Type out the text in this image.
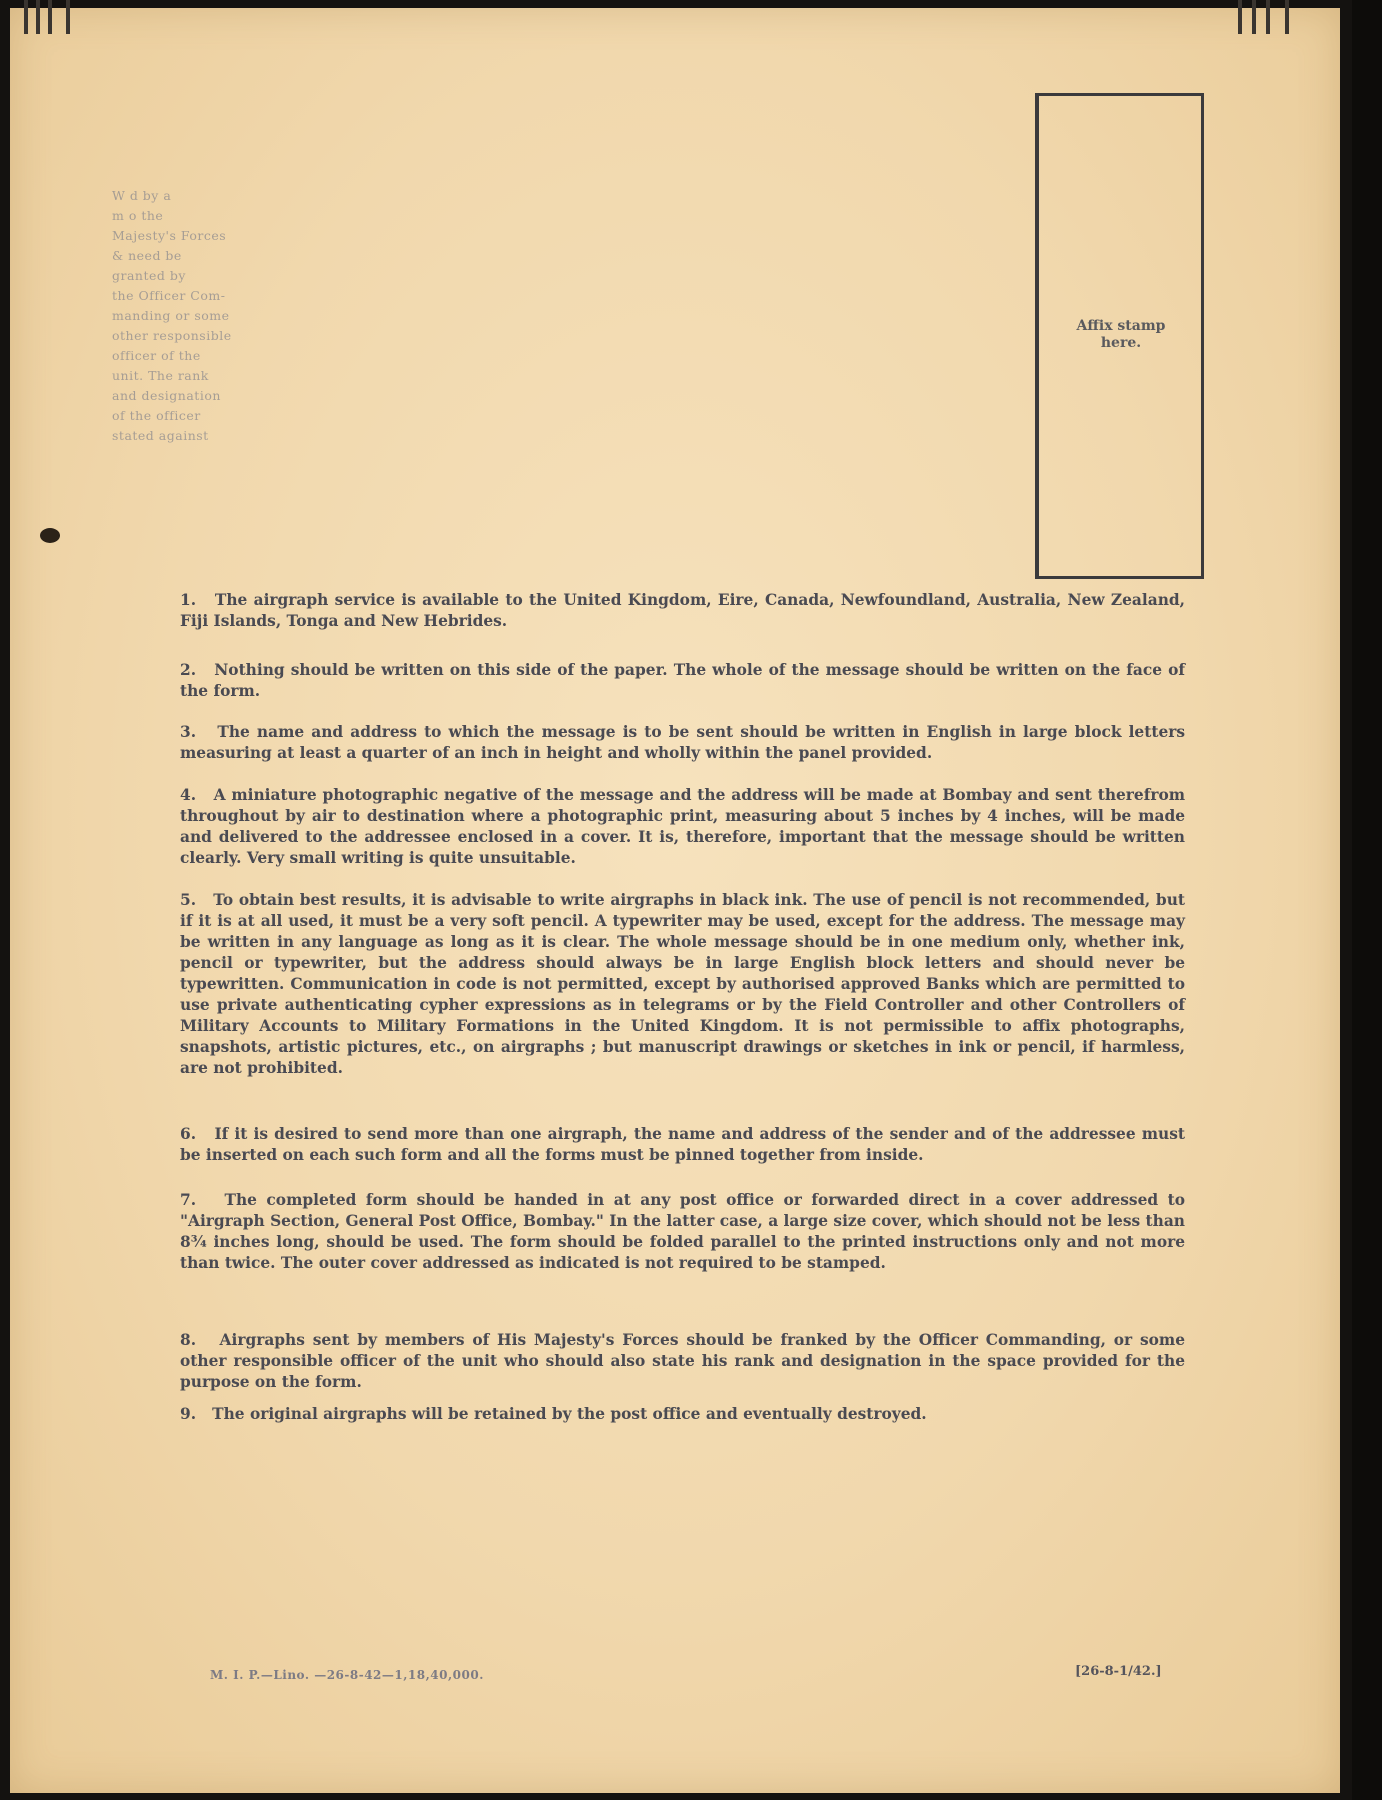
W d by a
m o the
Majesty's Forces
& need be
granted by
the Officer Com-
manding or some
other responsible
officer of the
unit. The rank
and designation
of the officer
stated against
Affix stamp
here.
1. The airgraph service is available to the United Kingdom, Eire, Canada, Newfoundland, Australia, New Zealand, Fiji Islands, Tonga and New Hebrides.
2. Nothing should be written on this side of the paper. The whole of the message should be written on the face of the form.
3. The name and address to which the message is to be sent should be written in English in large block letters measuring at least a quarter of an inch in height and wholly within the panel provided.
4. A miniature photographic negative of the message and the address will be made at Bombay and sent therefrom throughout by air to destination where a photographic print, measuring about 5 inches by 4 inches, will be made and delivered to the addressee enclosed in a cover. It is, therefore, important that the message should be written clearly. Very small writing is quite unsuitable.
5. To obtain best results, it is advisable to write airgraphs in black ink. The use of pencil is not recommended, but if it is at all used, it must be a very soft pencil. A typewriter may be used, except for the address. The message may be written in any language as long as it is clear. The whole message should be in one medium only, whether ink, pencil or typewriter, but the address should always be in large English block letters and should never be typewritten. Communication in code is not permitted, except by authorised approved Banks which are permitted to use private authenticating cypher expressions as in telegrams or by the Field Controller and other Controllers of Military Accounts to Military Formations in the United Kingdom. It is not permissible to affix photographs, snapshots, artistic pictures, etc., on airgraphs ; but manuscript drawings or sketches in ink or pencil, if harmless, are not prohibited.
6. If it is desired to send more than one airgraph, the name and address of the sender and of the addressee must be inserted on each such form and all the forms must be pinned together from inside.
7. The completed form should be handed in at any post office or forwarded direct in a cover addressed to "Airgraph Section, General Post Office, Bombay." In the latter case, a large size cover, which should not be less than 8¾ inches long, should be used. The form should be folded parallel to the printed instructions only and not more than twice. The outer cover addressed as indicated is not required to be stamped.
8. Airgraphs sent by members of His Majesty's Forces should be franked by the Officer Commanding, or some other responsible officer of the unit who should also state his rank and designation in the space provided for the purpose on the form.
9. The original airgraphs will be retained by the post office and eventually destroyed.
M. I. P.—Lino. —26-8-42—1,18,40,000.	[26-8-1/42.]
